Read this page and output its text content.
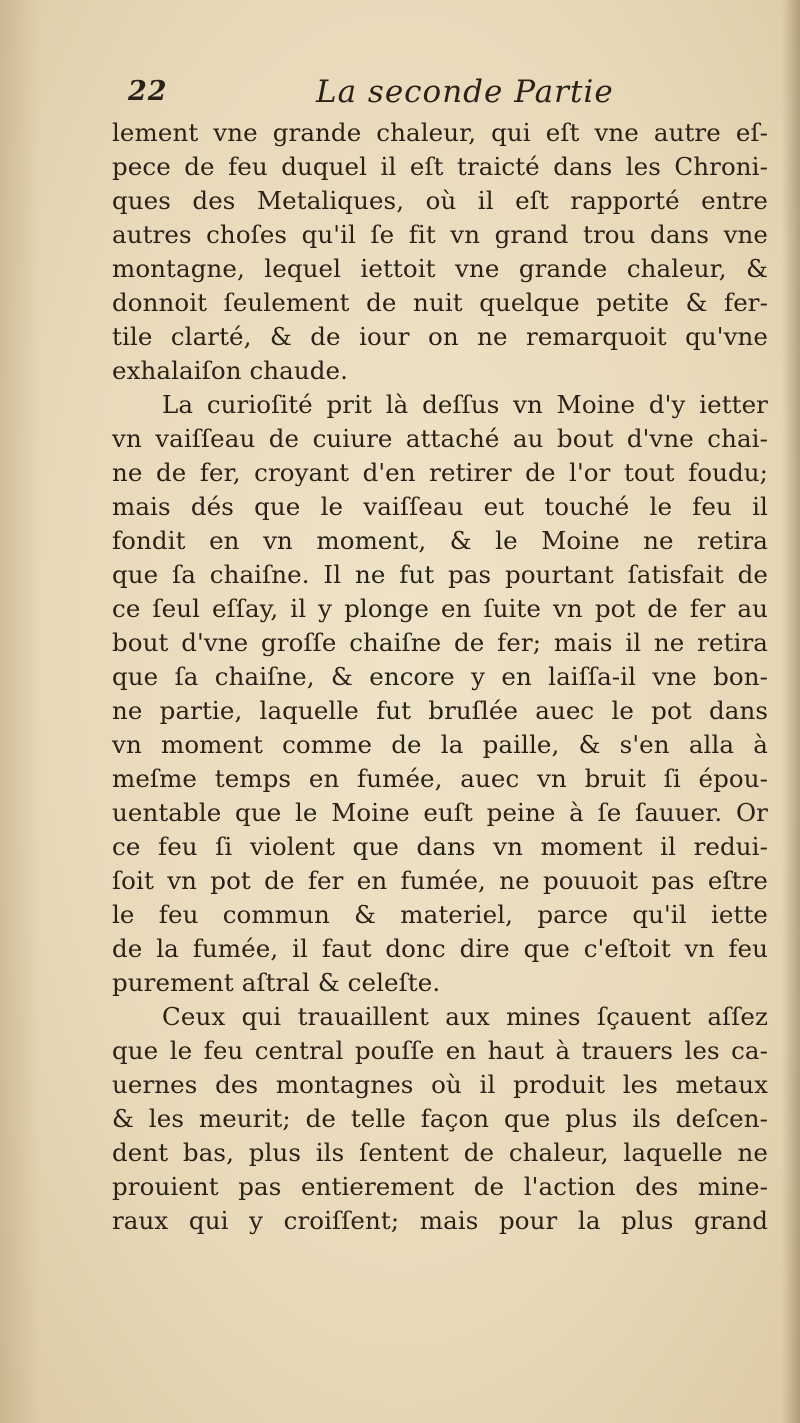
22	La seconde Partie
lement vne grande chaleur, qui eſt vne autre eſ-
pece de feu duquel il eſt traicté dans les Chroni-
ques des Metaliques, où il eſt rapporté entre
autres choſes qu'il ſe fit vn grand trou dans vne
montagne, lequel iettoit vne grande chaleur, &
donnoit ſeulement de nuit quelque petite & fer-
tile clarté, & de iour on ne remarquoit qu'vne
exhalaiſon chaude.
La curioſité prit là deſſus vn Moine d'y ietter
vn vaiſſeau de cuiure attaché au bout d'vne chai-
ne de fer, croyant d'en retirer de l'or tout foudu;
mais dés que le vaiſſeau eut touché le feu il
fondit en vn moment, & le Moine ne retira
que ſa chaiſne. Il ne fut pas pourtant ſatisfait de
ce ſeul eſſay, il y plonge en ſuite vn pot de fer au
bout d'vne groſſe chaiſne de fer; mais il ne retira
que ſa chaiſne, & encore y en laiſſa-il vne bon-
ne partie, laquelle fut bruſlée auec le pot dans
vn moment comme de la paille, & s'en alla à
meſme temps en fumée, auec vn bruit ſi épou-
uentable que le Moine euſt peine à ſe ſauuer. Or
ce feu ſi violent que dans vn moment il redui-
ſoit vn pot de fer en fumée, ne pouuoit pas eſtre
le feu commun & materiel, parce qu'il iette
de la fumée, il faut donc dire que c'eſtoit vn feu
purement aſtral & celeſte.
Ceux qui trauaillent aux mines ſçauent aſſez
que le feu central pouſſe en haut à trauers les ca-
uernes des montagnes où il produit les metaux
& les meurit; de telle façon que plus ils deſcen-
dent bas, plus ils ſentent de chaleur, laquelle ne
prouient pas entierement de l'action des mine-
raux qui y croiſſent; mais pour la plus grand
